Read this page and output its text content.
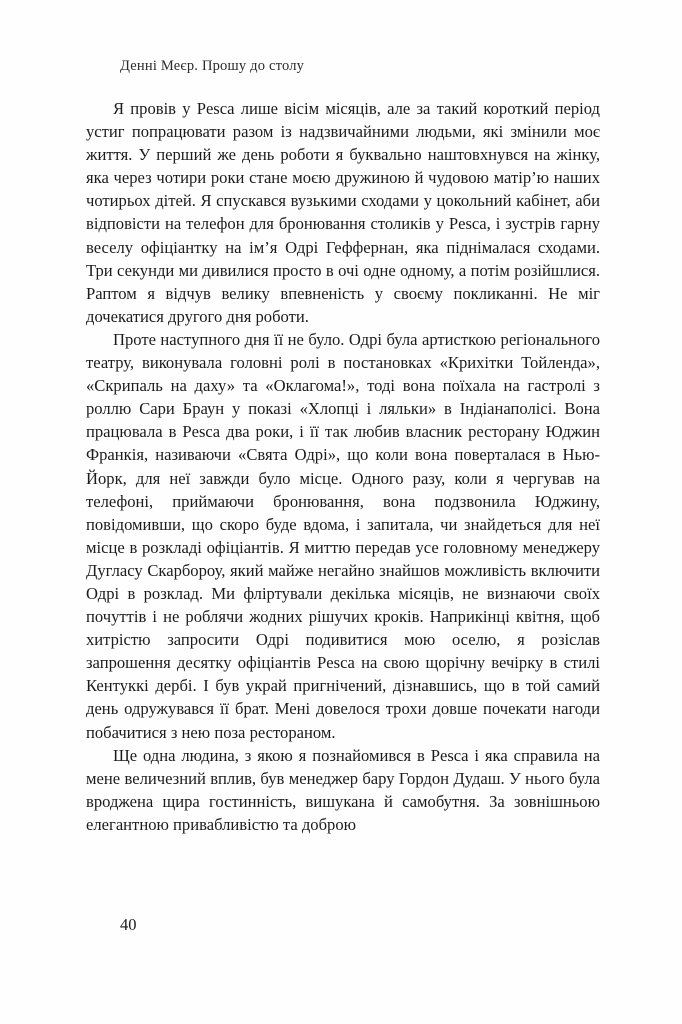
Денні Меєр. Прошу до столу

Я провів у Pesca лише вісім місяців, але за такий короткий період устиг попрацювати разом із надзвичайними людьми, які змінили моє життя. У перший же день роботи я буквально наштовхнувся на жінку, яка через чотири роки стане моєю дружиною й чудовою матір’ю наших чотирьох дітей. Я спускався вузькими сходами у цокольний кабінет, аби відповісти на телефон для бронювання столиків у Pesca, і зустрів гарну веселу офіціантку на ім’я Одрі Геффернан, яка піднімалася сходами. Три секунди ми дивилися просто в очі одне одному, а потім розійшлися. Раптом я відчув велику впевненість у своєму покликанні. Не міг дочекатися другого дня роботи.

Проте наступного дня її не було. Одрі була артисткою регіонального театру, виконувала головні ролі в постановках «Крихітки Тойленда», «Скрипаль на даху» та «Оклагома!», тоді вона поїхала на гастролі з роллю Сари Браун у показі «Хлопці і ляльки» в Індіанаполісі. Вона працювала в Pesca два роки, і її так любив власник ресторану Юджин Франкія, називаючи «Свята Одрі», що коли вона поверталася в Нью-Йорк, для неї завжди було місце. Одного разу, коли я чергував на телефоні, приймаючи бронювання, вона подзвонила Юджину, повідомивши, що скоро буде вдома, і запитала, чи знайдеться для неї місце в розкладі офіціантів. Я миттю передав усе головному менеджеру Дугласу Скарбороу, який майже негайно знайшов можливість включити Одрі в розклад. Ми фліртували декілька місяців, не визнаючи своїх почуттів і не роблячи жодних рішучих кроків. Наприкінці квітня, щоб хитрістю запросити Одрі подивитися мою оселю, я розіслав запрошення десятку офіціантів Pesca на свою щорічну вечірку в стилі Кентуккі дербі. І був украй пригнічений, дізнавшись, що в той самий день одружувався її брат. Мені довелося трохи довше почекати нагоди побачитися з нею поза рестораном.

Ще одна людина, з якою я познайомився в Pesca і яка справила на мене величезний вплив, був менеджер бару Гордон Дудаш. У нього була вроджена щира гостинність, вишукана й самобутня. За зовнішньою елегантною привабливістю та доброю

40
